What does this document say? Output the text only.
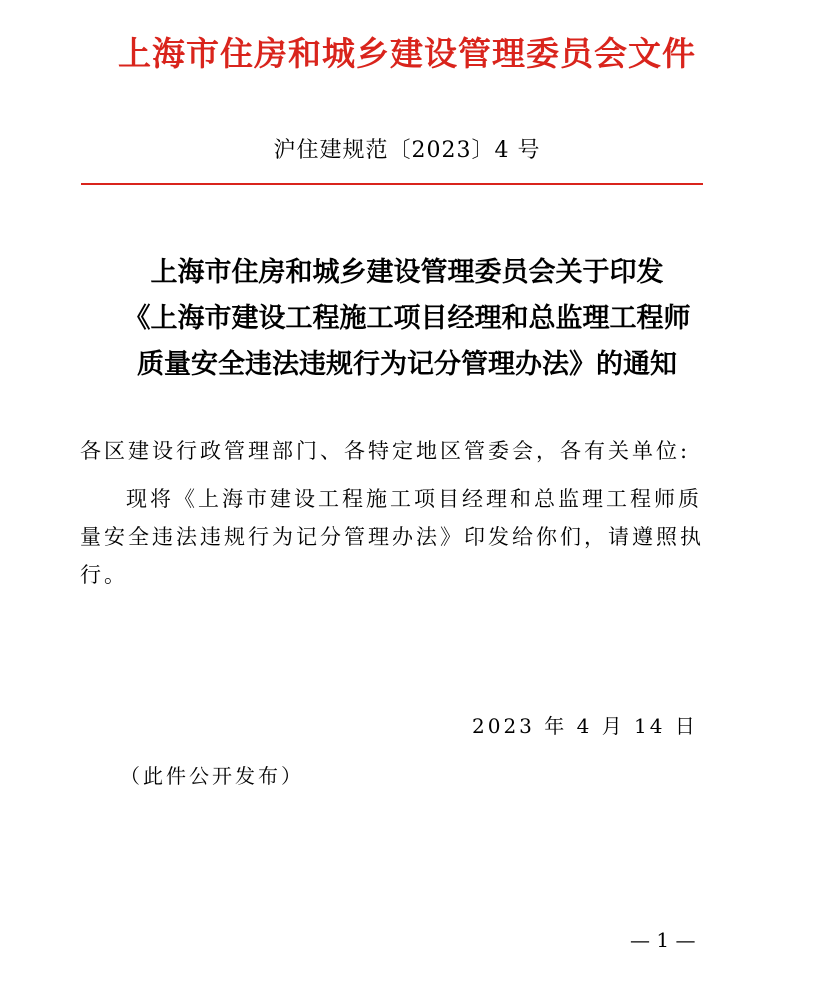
上海市住房和城乡建设管理委员会文件
沪住建规范〔2023〕4 号
上海市住房和城乡建设管理委员会关于印发
《上海市建设工程施工项目经理和总监理工程师
质量安全违法违规行为记分管理办法》的通知
各区建设行政管理部门、各特定地区管委会，各有关单位:
现将《上海市建设工程施工项目经理和总监理工程师质
量安全违法违规行为记分管理办法》印发给你们，请遵照执
行。
2023 年 4 月 14 日
（此件公开发布）
— 1 —
